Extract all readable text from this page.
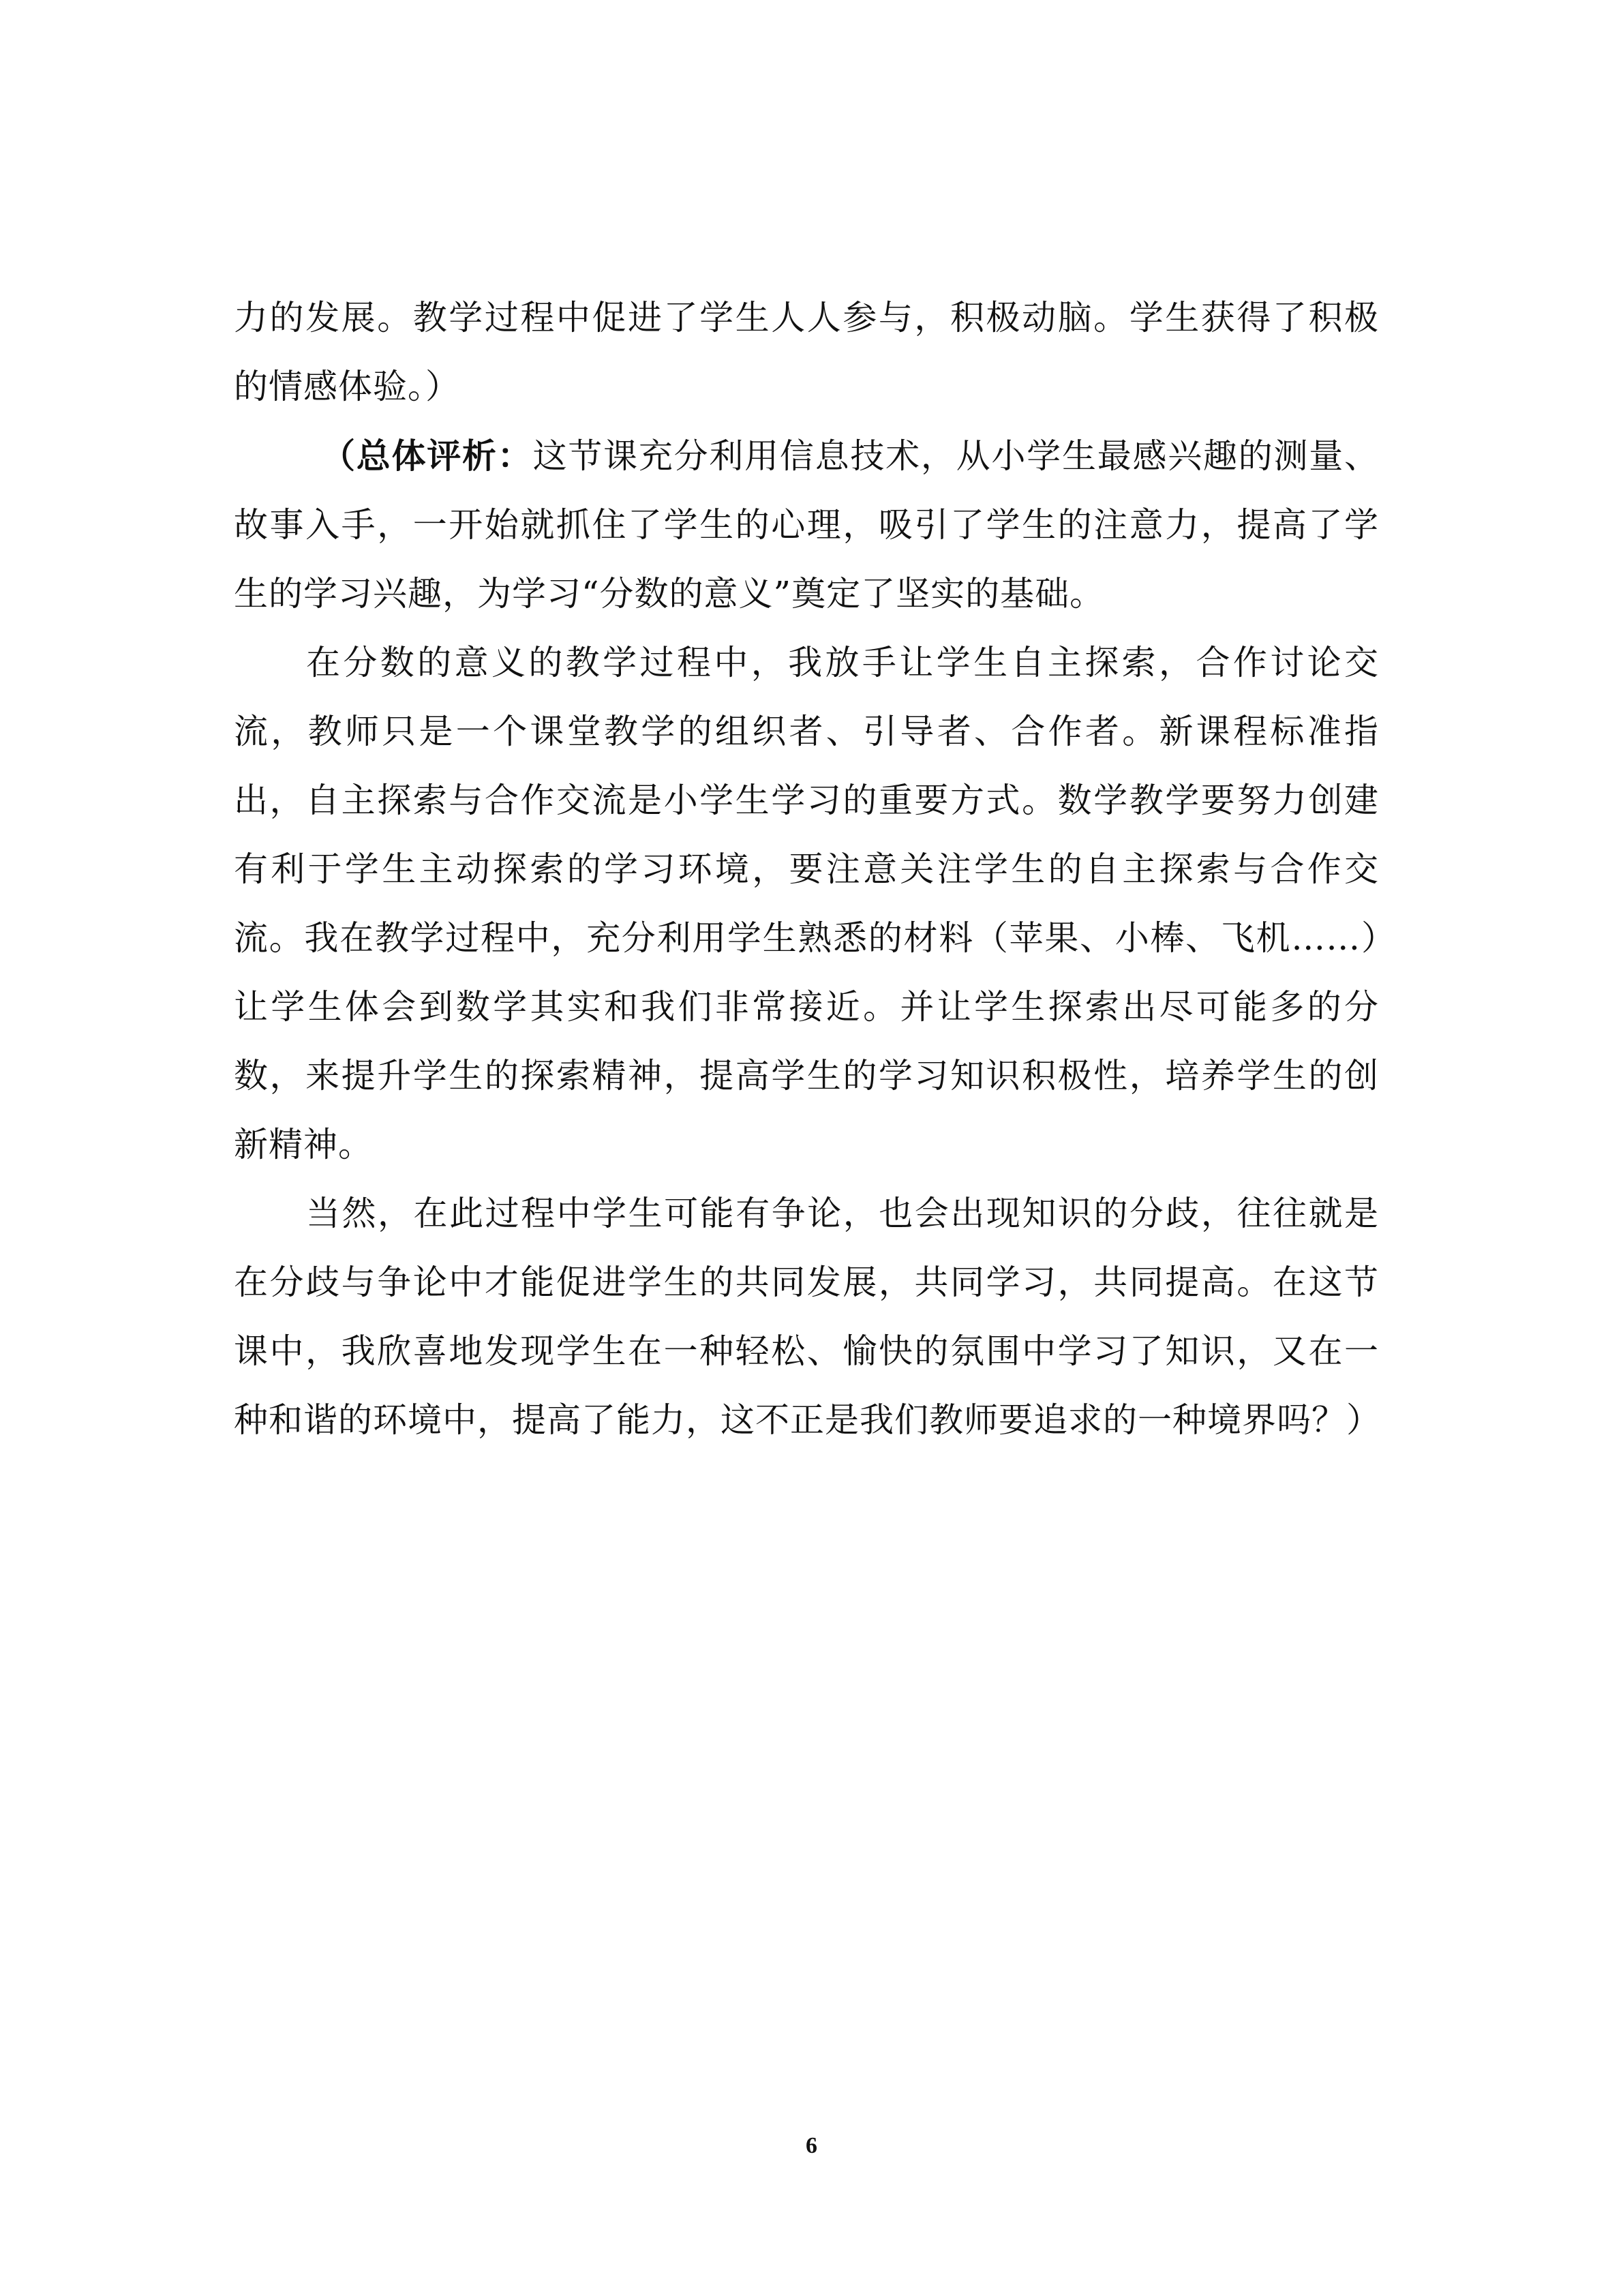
力的发展。教学过程中促进了学生人人参与，积极动脑。学生获得了积极的情感体验。）

（总体评析：这节课充分利用信息技术，从小学生最感兴趣的测量、故事入手，一开始就抓住了学生的心理，吸引了学生的注意力，提高了学生的学习兴趣，为学习“分数的意义”奠定了坚实的基础。

在分数的意义的教学过程中，我放手让学生自主探索，合作讨论交流，教师只是一个课堂教学的组织者、引导者、合作者。新课程标准指出，自主探索与合作交流是小学生学习的重要方式。数学教学要努力创建有利于学生主动探索的学习环境，要注意关注学生的自主探索与合作交流。我在教学过程中，充分利用学生熟悉的材料（苹果、小棒、飞机……）让学生体会到数学其实和我们非常接近。并让学生探索出尽可能多的分数，来提升学生的探索精神，提高学生的学习知识积极性，培养学生的创新精神。

当然，在此过程中学生可能有争论，也会出现知识的分歧，往往就是在分歧与争论中才能促进学生的共同发展，共同学习，共同提高。在这节课中，我欣喜地发现学生在一种轻松、愉快的氛围中学习了知识，又在一种和谐的环境中，提高了能力，这不正是我们教师要追求的一种境界吗？）

6
